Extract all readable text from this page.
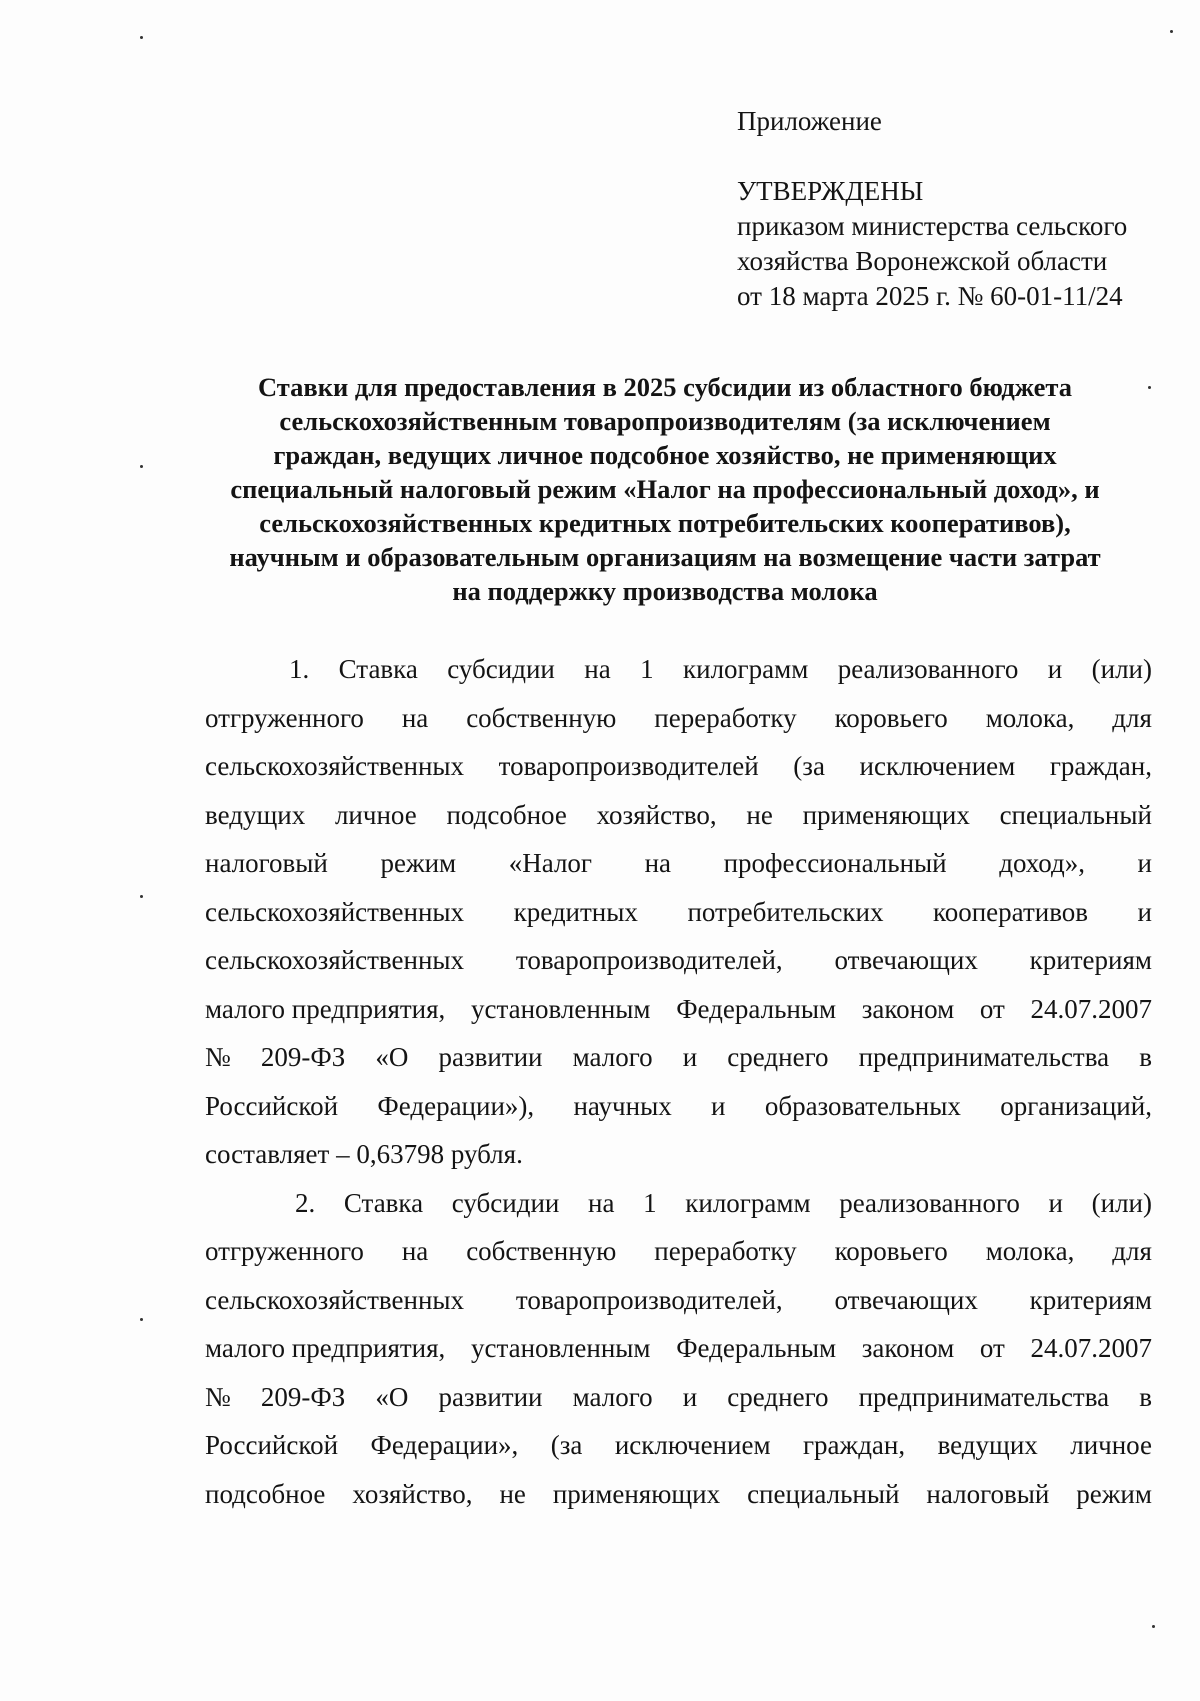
Приложение
УТВЕРЖДЕНЫ
приказом министерства сельского
хозяйства Воронежской области
от 18 марта 2025 г. № 60-01-11/24
Ставки для предоставления в 2025 субсидии из областного бюджета
сельскохозяйственным товаропроизводителям (за исключением
граждан, ведущих личное подсобное хозяйство, не применяющих
специальный налоговый режим «Налог на профессиональный доход», и
сельскохозяйственных кредитных потребительских кооперативов),
научным и образовательным организациям на возмещение части затрат
на поддержку производства молока
1. Ставка субсидии на 1 килограмм реализованного и (или)
отгруженного на собственную переработку коровьего молока, для
сельскохозяйственных товаропроизводителей (за исключением граждан,
ведущих личное подсобное хозяйство, не применяющих специальный
налоговый режим «Налог на профессиональный доход», и
сельскохозяйственных кредитных потребительских кооперативов и
сельскохозяйственных товаропроизводителей, отвечающих критериям
малого предприятия, установленным Федеральным законом от 24.07.2007
№ 209-ФЗ «О развитии малого и среднего предпринимательства в
Российской Федерации»), научных и образовательных организаций,
составляет – 0,63798 рубля.
2. Ставка субсидии на 1 килограмм реализованного и (или)
отгруженного на собственную переработку коровьего молока, для
сельскохозяйственных товаропроизводителей, отвечающих критериям
малого предприятия, установленным Федеральным законом от 24.07.2007
№ 209-ФЗ «О развитии малого и среднего предпринимательства в
Российской Федерации», (за исключением граждан, ведущих личное
подсобное хозяйство, не применяющих специальный налоговый режим
